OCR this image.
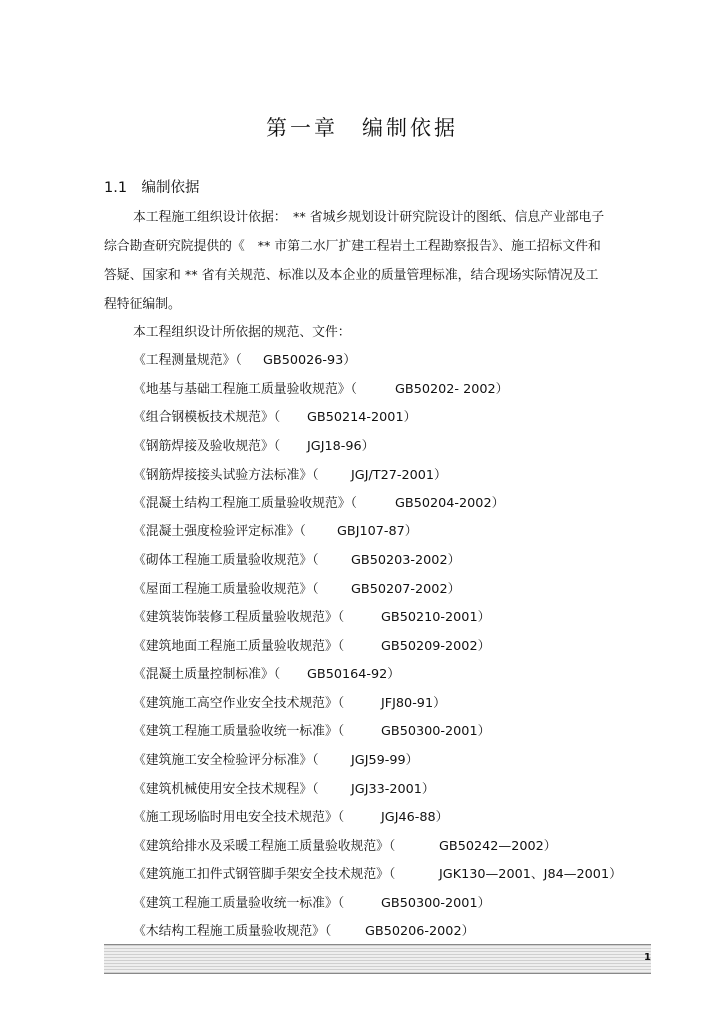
第一章　编制依据
1.1　编制依据
本工程施工组织设计依据：　** 省城乡规划设计研究院设计的图纸、信息产业部电子
综合勘查研究院提供的《　** 市第二水厂扩建工程岩土工程勘察报告》、施工招标文件和
答疑、国家和 ** 省有关规范、标准以及本企业的质量管理标准，结合现场实际情况及工
程特征编制。
本工程组织设计所依据的规范、文件：
《工程测量规范》（ GB50026-93）
《地基与基础工程施工质量验收规范》（	GB50202- 2002）
《组合钢模板技术规范》（ GB50214-2001）
《钢筋焊接及验收规范》（ JGJ18-96）
《钢筋焊接接头试验方法标准》（	JGJ/T27-2001）
《混凝土结构工程施工质量验收规范》（	GB50204-2002）
《混凝土强度检验评定标准》（ GBJ107-87）
《砌体工程施工质量验收规范》（	GB50203-2002）
《屋面工程施工质量验收规范》（	GB50207-2002）
《建筑装饰装修工程质量验收规范》（	GB50210-2001）
《建筑地面工程施工质量验收规范》（	GB50209-2002）
《混凝土质量控制标准》（ GB50164-92）
《建筑施工高空作业安全技术规范》（	JFJ80-91）
《建筑工程施工质量验收统一标准》（	GB50300-2001）
《建筑施工安全检验评分标准》（	JGJ59-99）
《建筑机械使用安全技术规程》（	JGJ33-2001）
《施工现场临时用电安全技术规范》（	JGJ46-88）
《建筑给排水及采暖工程施工质量验收规范》（	GB50242—2002）
《建筑施工扣件式钢管脚手架安全技术规范》（	JGK130—2001、J84—2001）
《建筑工程施工质量验收统一标准》（	GB50300-2001）
《木结构工程施工质量验收规范》（	GB50206-2002）
1
